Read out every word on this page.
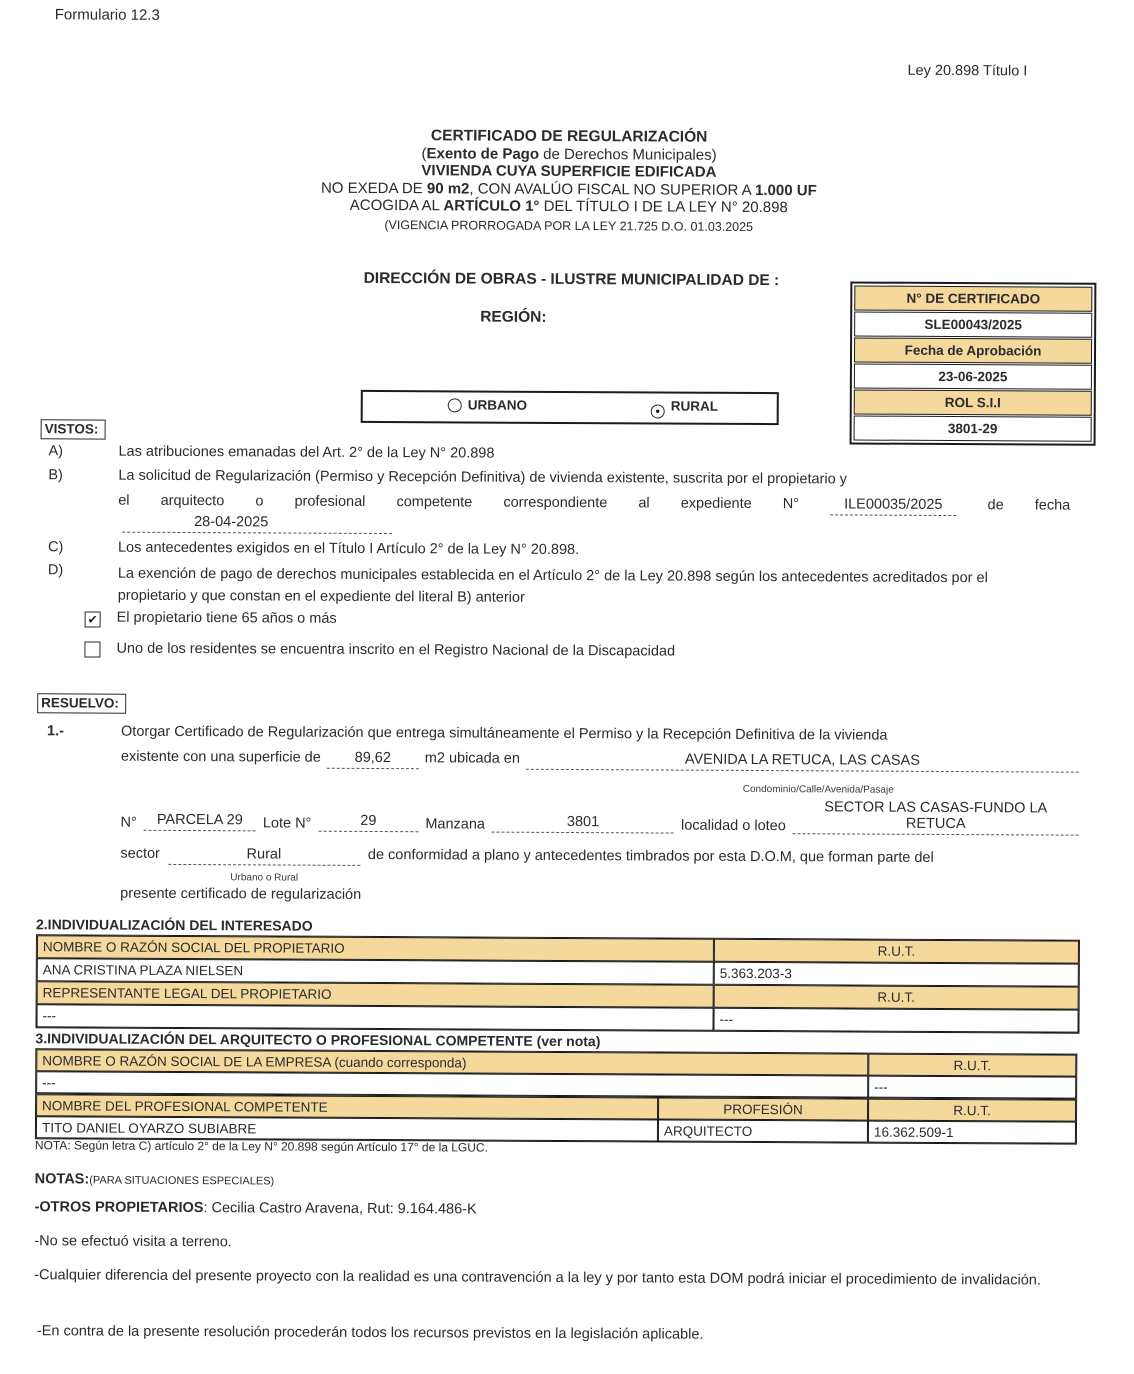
Formulario 12.3
Ley 20.898 Título I
CERTIFICADO DE REGULARIZACIÓN
(Exento de Pago de Derechos Municipales)
VIVIENDA CUYA SUPERFICIE EDIFICADA
NO EXEDA DE 90 m2, CON AVALÚO FISCAL NO SUPERIOR A 1.000 UF
ACOGIDA AL ARTÍCULO 1° DEL TÍTULO I DE LA LEY N° 20.898
(VIGENCIA PRORROGADA POR LA LEY 21.725 D.O. 01.03.2025
DIRECCIÓN DE OBRAS - ILUSTRE MUNICIPALIDAD DE :
REGIÓN:
N° DE CERTIFICADO
SLE00043/2025
Fecha de Aprobación
23-06-2025
ROL S.I.I
3801-29
URBANO	● RURAL
VISTOS:
A)	Las atribuciones emanadas del Art. 2° de la Ley N° 20.898
B)	La solicitud de Regularización (Permiso y Recepción Definitiva) de vivienda existente, suscrita por el propietario y
el arquitecto o profesional competente correspondiente al expediente N°	ILE00035/2025	de fecha
28-04-2025
C)	Los antecedentes exigidos en el Título I Artículo 2° de la Ley N° 20.898.
D)	La exención de pago de derechos municipales establecida en el Artículo 2° de la Ley 20.898 según los antecedentes acreditados por el propietario y que constan en el expediente del literal B) anterior
✔ El propietario tiene 65 años o más
Uno de los residentes se encuentra inscrito en el Registro Nacional de la Discapacidad
RESUELVO:
1.-	Otorgar Certificado de Regularización que entrega simultáneamente el Permiso y la Recepción Definitiva de la vivienda
existente con una superficie de	89,62	m2 ubicada en	AVENIDA LA RETUCA, LAS CASAS
Condominio/Calle/Avenida/Pasaje
N°	PARCELA 29	Lote N°	29	Manzana	3801	localidad o loteo
SECTOR LAS CASAS-FUNDO LA
RETUCA
sector	Rural	de conformidad a plano y antecedentes timbrados por esta D.O.M, que forman parte del
Urbano o Rural
presente certificado de regularización
2.INDIVIDUALIZACIÓN DEL INTERESADO
NOMBRE O RAZÓN SOCIAL DEL PROPIETARIO	R.U.T.
ANA CRISTINA PLAZA NIELSEN	5.363.203-3
REPRESENTANTE LEGAL DEL PROPIETARIO	R.U.T.
---	---
3.INDIVIDUALIZACIÓN DEL ARQUITECTO O PROFESIONAL COMPETENTE (ver nota)
NOMBRE O RAZÓN SOCIAL DE LA EMPRESA (cuando corresponda)	R.U.T.
---	---
NOMBRE DEL PROFESIONAL COMPETENTE	PROFESIÓN	R.U.T.
TITO DANIEL OYARZO SUBIABRE	ARQUITECTO	16.362.509-1
NOTA: Según letra C) artículo 2° de la Ley N° 20.898 según Artículo 17° de la LGUC.
NOTAS:(PARA SITUACIONES ESPECIALES)
-OTROS PROPIETARIOS: Cecilia Castro Aravena, Rut: 9.164.486-K
-No se efectuó visita a terreno.
-Cualquier diferencia del presente proyecto con la realidad es una contravención a la ley y por tanto esta DOM podrá iniciar el procedimiento de invalidación.
-En contra de la presente resolución procederán todos los recursos previstos en la legislación aplicable.
